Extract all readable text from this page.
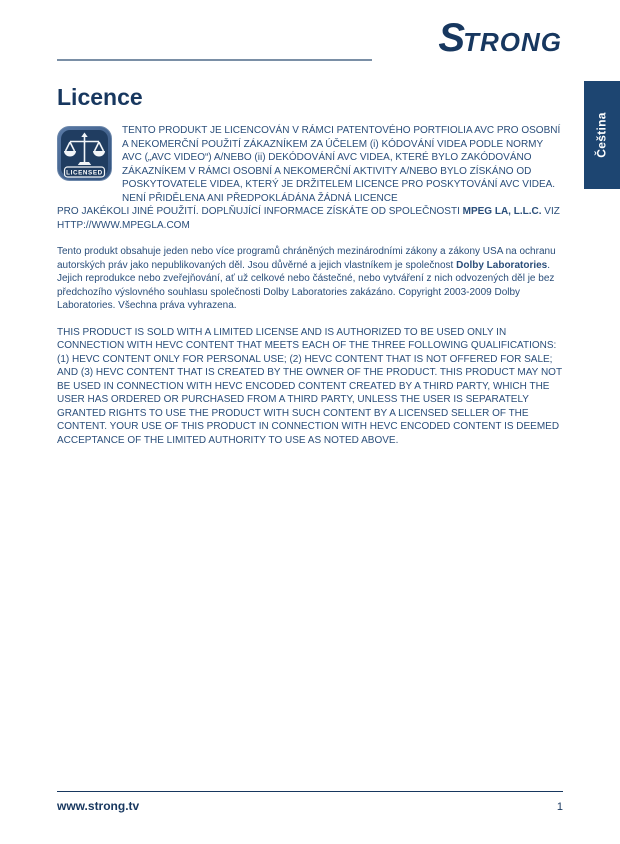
STRONG
Čeština
Licence
LICENSED

TENTO PRODUKT JE LICENCOVÁN V RÁMCI PATENTOVÉHO PORTFIOLIA AVC PRO OSOBNÍ A NEKOMERČNÍ POUŽITÍ ZÁKAZNÍKEM ZA ÚČELEM (i) KÓDOVÁNÍ VIDEA PODLE NORMY AVC („AVC VIDEO“) A/NEBO (ii) DEKÓDOVÁNÍ AVC VIDEA, KTERÉ BYLO ZAKÓDOVÁNO ZÁKAZNÍKEM V RÁMCI OSOBNÍ A NEKOMERČNÍ AKTIVITY A/NEBO BYLO ZÍSKÁNO OD POSKYTOVATELE VIDEA, KTERÝ JE DRŽITELEM LICENCE PRO POSKYTOVÁNÍ AVC VIDEA. NENÍ PŘIDĚLENA ANI PŘEDPOKLÁDÁNA ŽÁDNÁ LICENCE

PRO JAKÉKOLI JINÉ POUŽITÍ. DOPLŇUJÍCÍ INFORMACE ZÍSKÁTE OD SPOLEČNOSTI MPEG LA, L.L.C. VIZ HTTP://WWW.MPEGLA.COM

Tento produkt obsahuje jeden nebo více programů chráněných mezinárodními zákony a zákony USA na ochranu autorských práv jako nepublikovaných děl. Jsou důvěrné a jejich vlastníkem je společnost Dolby Laboratories. Jejich reprodukce nebo zveřejňování, ať už celkové nebo částečné, nebo vytváření z nich odvozených děl je bez předchozího výslovného souhlasu společnosti Dolby Laboratories zakázáno. Copyright 2003-2009 Dolby Laboratories. Všechna práva vyhrazena.

THIS PRODUCT IS SOLD WITH A LIMITED LICENSE AND IS AUTHORIZED TO BE USED ONLY IN CONNECTION WITH HEVC CONTENT THAT MEETS EACH OF THE THREE FOLLOWING QUALIFICATIONS: (1) HEVC CONTENT ONLY FOR PERSONAL USE; (2) HEVC CONTENT THAT IS NOT OFFERED FOR SALE; AND (3) HEVC CONTENT THAT IS CREATED BY THE OWNER OF THE PRODUCT. THIS PRODUCT MAY NOT BE USED IN CONNECTION WITH HEVC ENCODED CONTENT CREATED BY A THIRD PARTY, WHICH THE USER HAS ORDERED OR PURCHASED FROM A THIRD PARTY, UNLESS THE USER IS SEPARATELY GRANTED RIGHTS TO USE THE PRODUCT WITH SUCH CONTENT BY A LICENSED SELLER OF THE CONTENT. YOUR USE OF THIS PRODUCT IN CONNECTION WITH HEVC ENCODED CONTENT IS DEEMED ACCEPTANCE OF THE LIMITED AUTHORITY TO USE AS NOTED ABOVE.

www.strong.tv	1
